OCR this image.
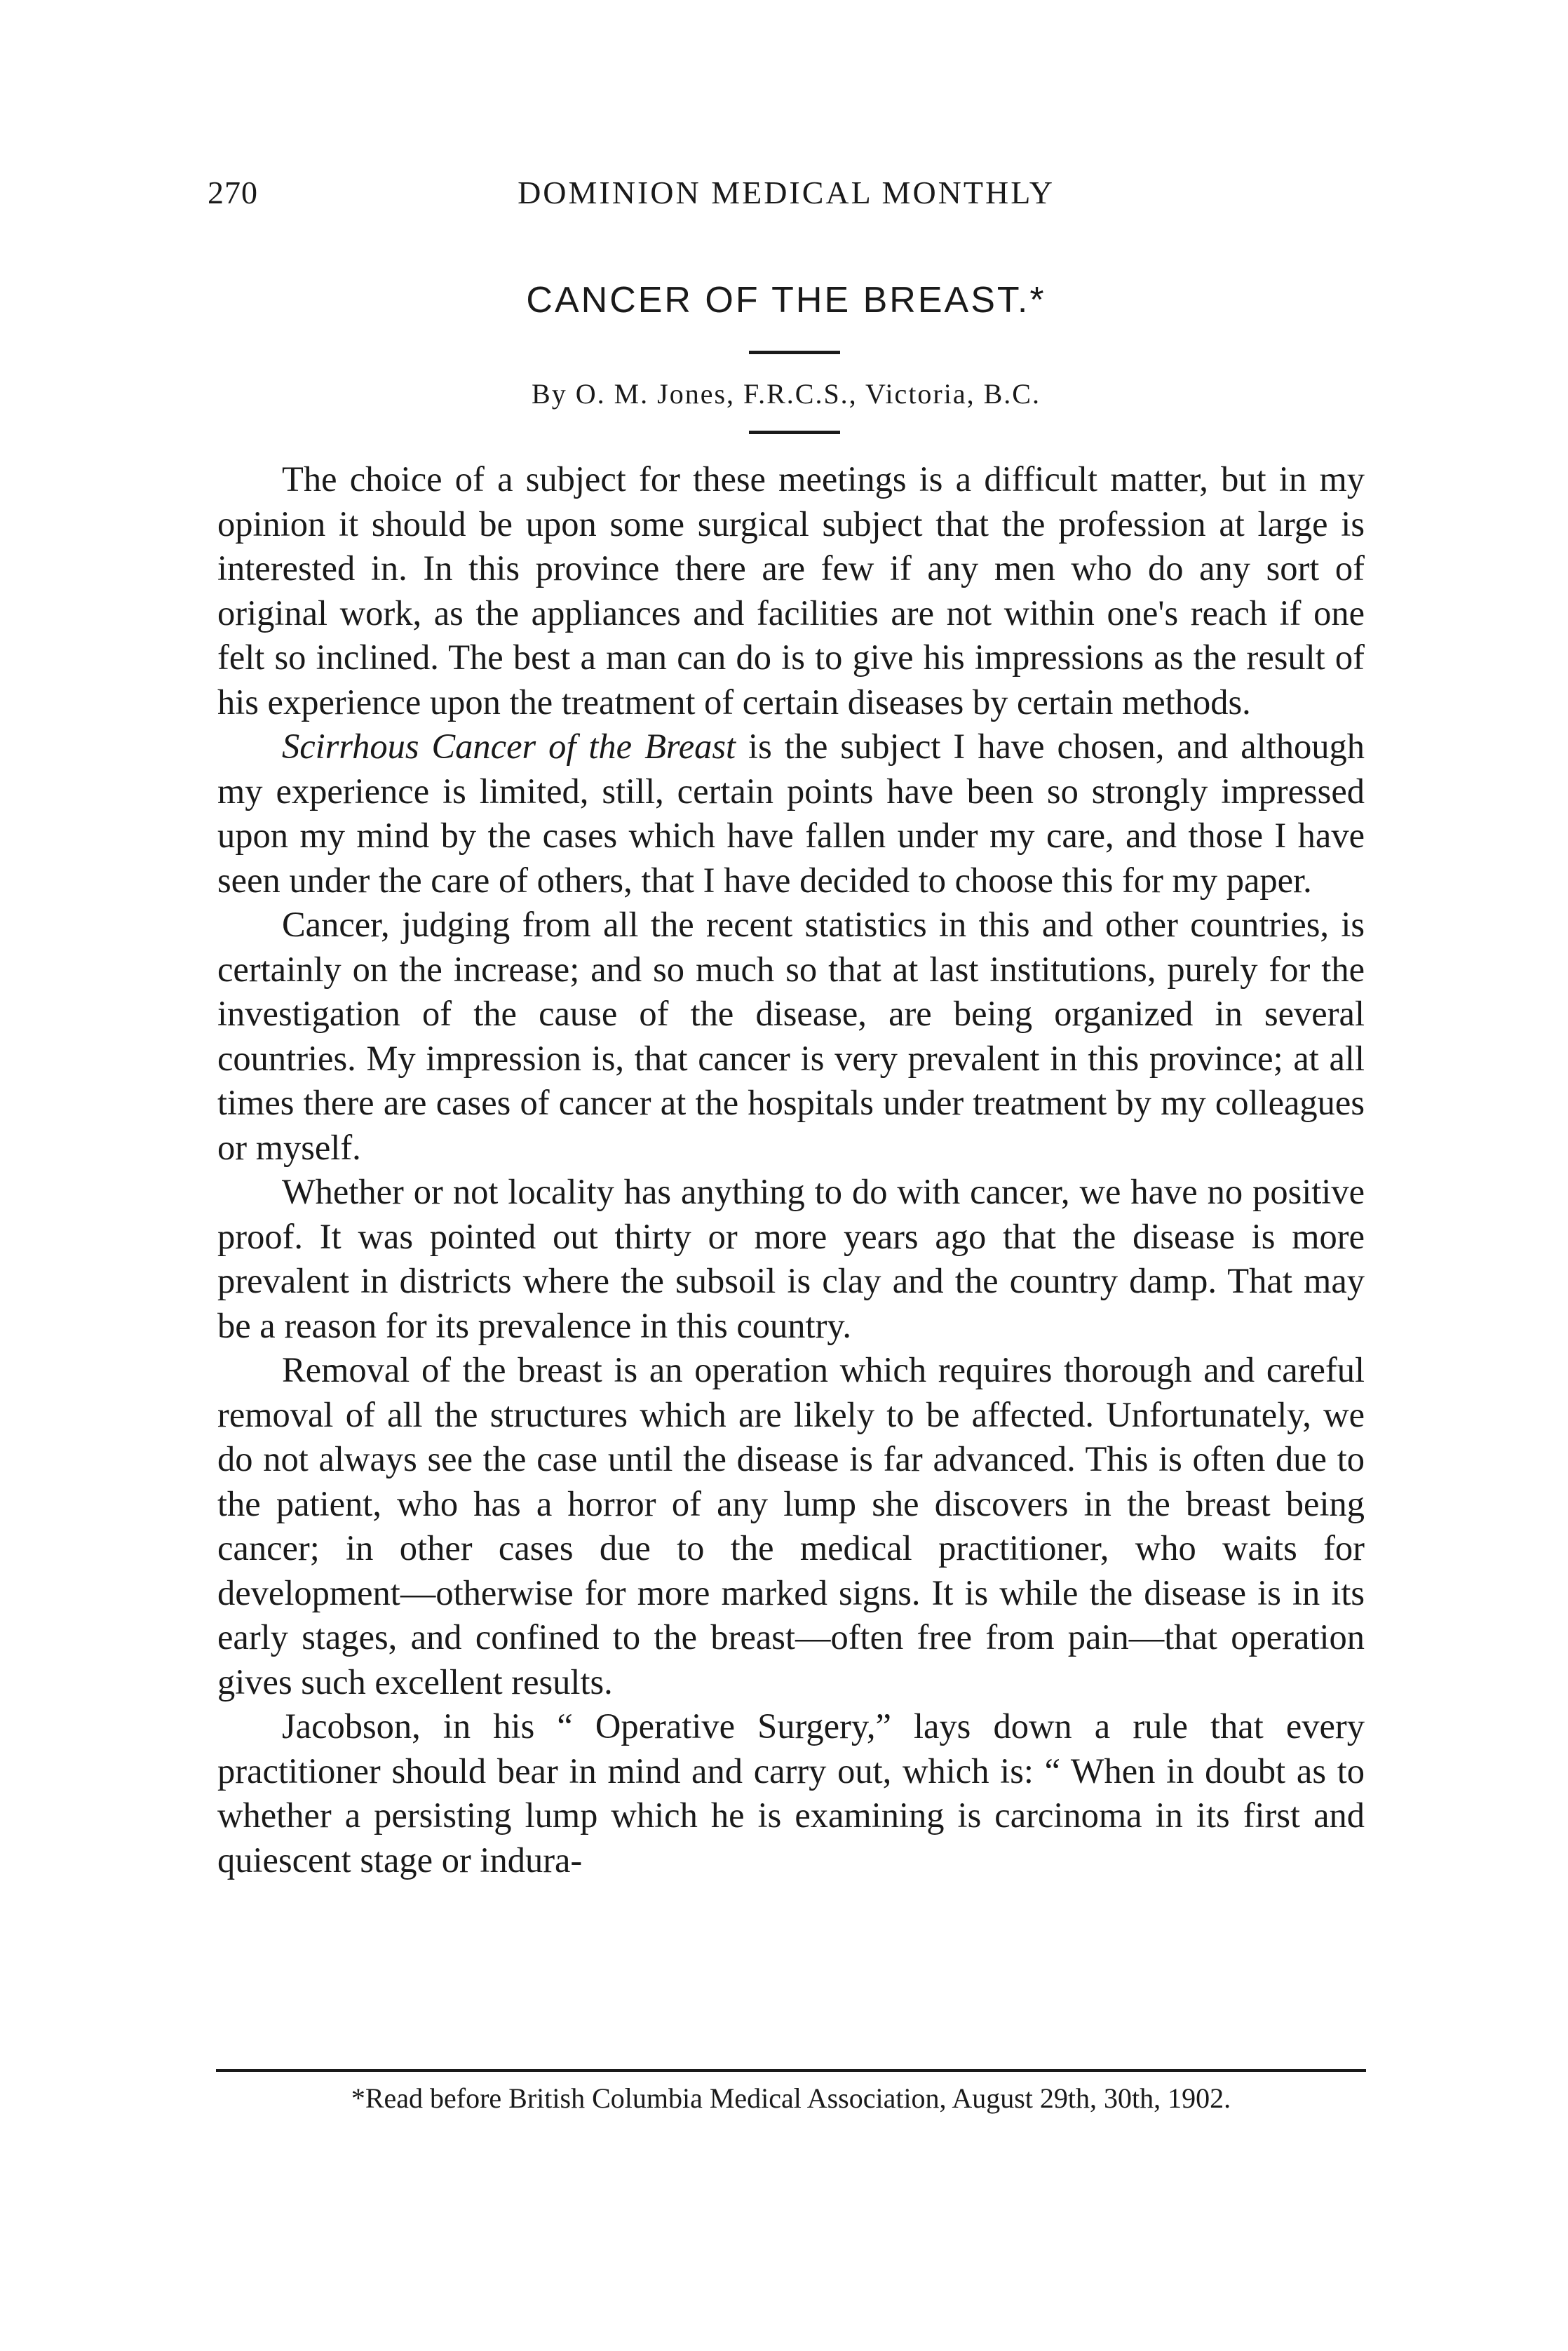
270	DOMINION MEDICAL MONTHLY
CANCER OF THE BREAST.*
By O. M. Jones, F.R.C.S., Victoria, B.C.

The choice of a subject for these meetings is a difficult matter, but in my opinion it should be upon some surgical subject that the profession at large is interested in. In this province there are few if any men who do any sort of original work, as the appliances and facilities are not within one's reach if one felt so inclined. The best a man can do is to give his impressions as the result of his experience upon the treatment of certain diseases by certain methods.

Scirrhous Cancer of the Breast is the subject I have chosen, and although my experience is limited, still, certain points have been so strongly impressed upon my mind by the cases which have fallen under my care, and those I have seen under the care of others, that I have decided to choose this for my paper.

Cancer, judging from all the recent statistics in this and other countries, is certainly on the increase; and so much so that at last institutions, purely for the investigation of the cause of the disease, are being organized in several countries. My impression is, that cancer is very prevalent in this province; at all times there are cases of cancer at the hospitals under treatment by my colleagues or myself.

Whether or not locality has anything to do with cancer, we have no positive proof. It was pointed out thirty or more years ago that the disease is more prevalent in districts where the subsoil is clay and the country damp. That may be a reason for its prevalence in this country.

Removal of the breast is an operation which requires thorough and careful removal of all the structures which are likely to be affected. Unfortunately, we do not always see the case until the disease is far advanced. This is often due to the patient, who has a horror of any lump she discovers in the breast being cancer; in other cases due to the medical practitioner, who waits for development—otherwise for more marked signs. It is while the disease is in its early stages, and confined to the breast—often free from pain—that operation gives such excellent results.

Jacobson, in his “ Operative Surgery,” lays down a rule that every practitioner should bear in mind and carry out, which is: “ When in doubt as to whether a persisting lump which he is examining is carcinoma in its first and quiescent stage or indura-

*Read before British Columbia Medical Association, August 29th, 30th, 1902.
